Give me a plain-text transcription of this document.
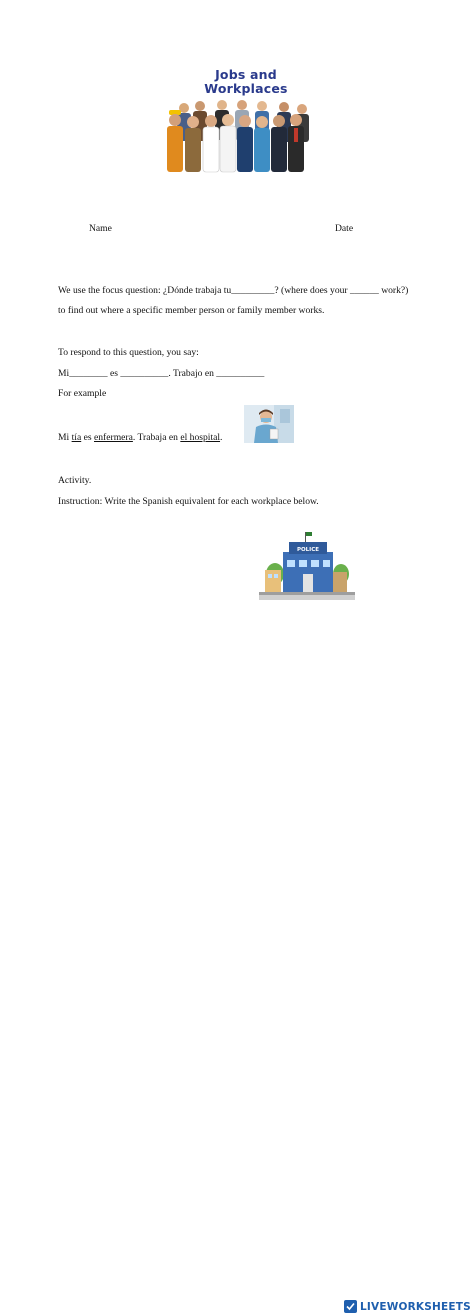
Jobs and
Workplaces
Name	Date
We use the focus question: ¿Dónde trabaja tu_________? (where does your ______ work?)
to find out where a specific member person or family member works.
To respond to this question, you say:
Mi________ es __________. Trabajo en __________
For example
Mi tía es enfermera. Trabaja en el hospital.
Activity.
Instruction: Write the Spanish equivalent for each workplace below.
POLICE
LIVEWORKSHEETS
